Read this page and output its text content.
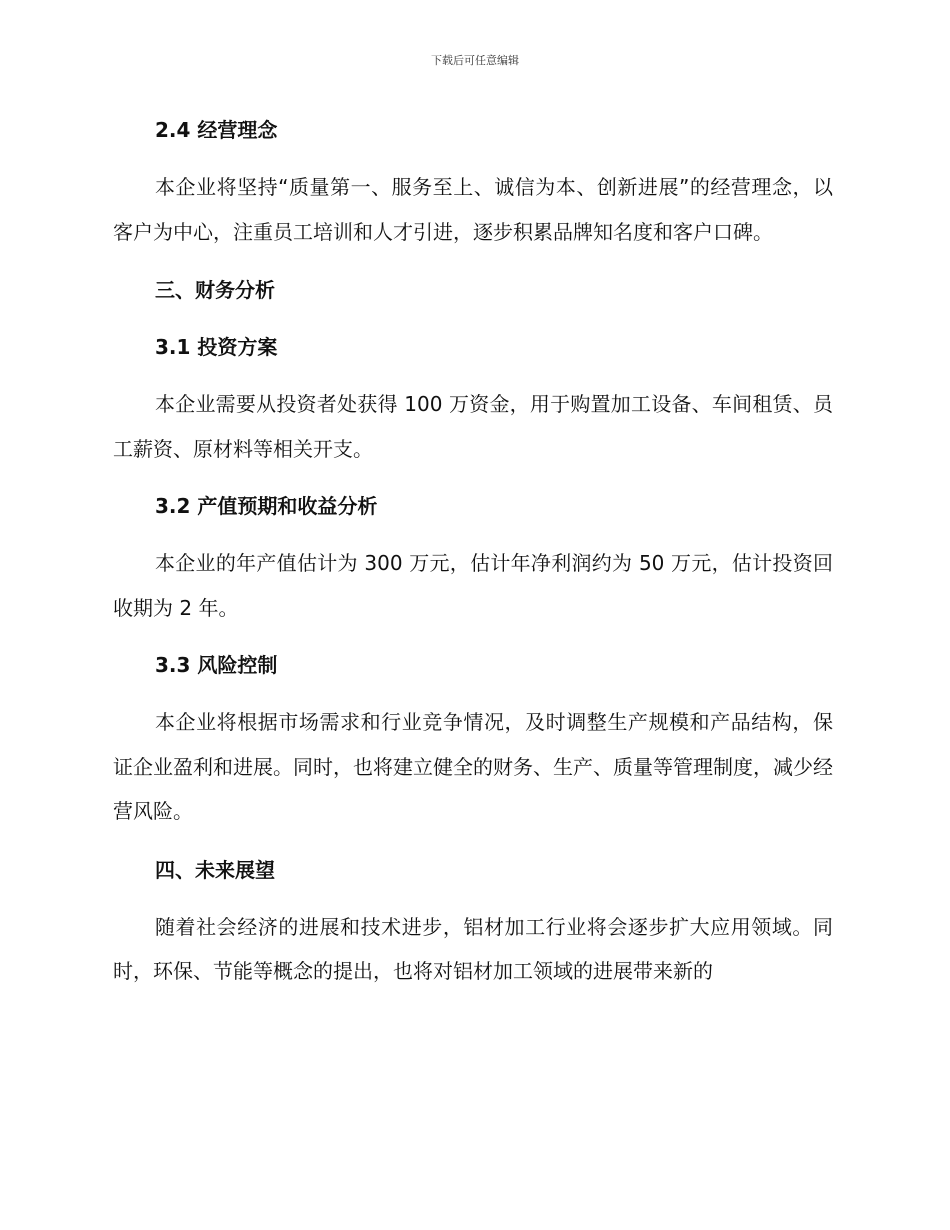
下载后可任意编辑
2.4 经营理念

本企业将坚持“质量第一、服务至上、诚信为本、创新进展”的经营理念，以客户为中心，注重员工培训和人才引进，逐步积累品牌知名度和客户口碑。

三、财务分析
3.1 投资方案

本企业需要从投资者处获得 100 万资金，用于购置加工设备、车间租赁、员工薪资、原材料等相关开支。

3.2 产值预期和收益分析

本企业的年产值估计为 300 万元，估计年净利润约为 50 万元，估计投资回收期为 2 年。

3.3 风险控制

本企业将根据市场需求和行业竞争情况，及时调整生产规模和产品结构，保证企业盈利和进展。同时，也将建立健全的财务、生产、质量等管理制度，减少经营风险。

四、未来展望

随着社会经济的进展和技术进步，铝材加工行业将会逐步扩大应用领域。同时，环保、节能等概念的提出，也将对铝材加工领域的进展带来新的
